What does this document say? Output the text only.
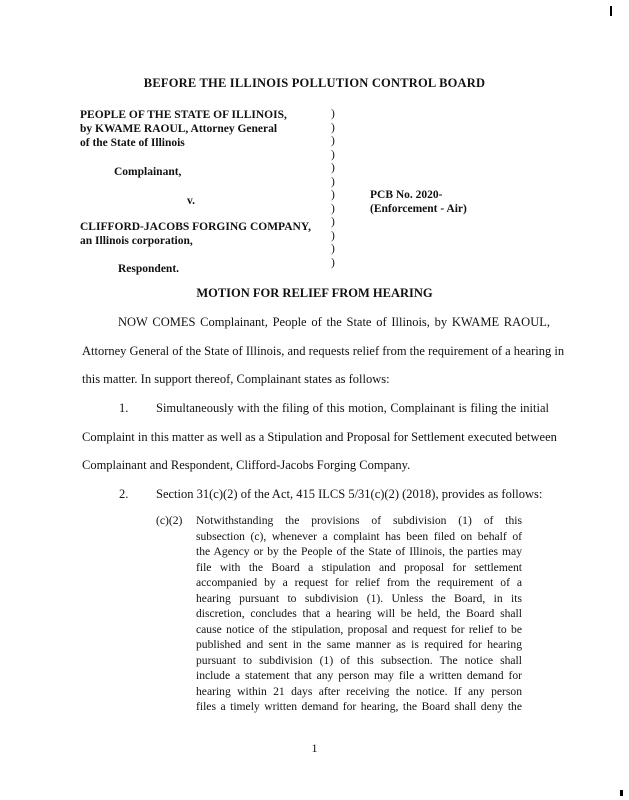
BEFORE THE ILLINOIS POLLUTION CONTROL BOARD
PEOPLE OF THE STATE OF ILLINOIS,
by KWAME RAOUL, Attorney General
of the State of Illinois
Complainant,
v.
CLIFFORD-JACOBS FORGING COMPANY,
an Illinois corporation,
Respondent.
)
)
)
)
)
)
)
)
)
)
)
)
PCB No. 2020-
(Enforcement - Air)
MOTION FOR RELIEF FROM HEARING
NOW COMES Complainant, People of the State of Illinois, by KWAME RAOUL,
Attorney General of the State of Illinois, and requests relief from the requirement of a hearing in
this matter. In support thereof, Complainant states as follows:
1. Simultaneously with the filing of this motion, Complainant is filing the initial
Complaint in this matter as well as a Stipulation and Proposal for Settlement executed between
Complainant and Respondent, Clifford-Jacobs Forging Company.
2. Section 31(c)(2) of the Act, 415 ILCS 5/31(c)(2) (2018), provides as follows:
(c)(2) Notwithstanding the provisions of subdivision (1) of this
subsection (c), whenever a complaint has been filed on behalf of
the Agency or by the People of the State of Illinois, the parties may
file with the Board a stipulation and proposal for settlement
accompanied by a request for relief from the requirement of a
hearing pursuant to subdivision (1). Unless the Board, in its
discretion, concludes that a hearing will be held, the Board shall
cause notice of the stipulation, proposal and request for relief to be
published and sent in the same manner as is required for hearing
pursuant to subdivision (1) of this subsection. The notice shall
include a statement that any person may file a written demand for
hearing within 21 days after receiving the notice. If any person
files a timely written demand for hearing, the Board shall deny the
1
